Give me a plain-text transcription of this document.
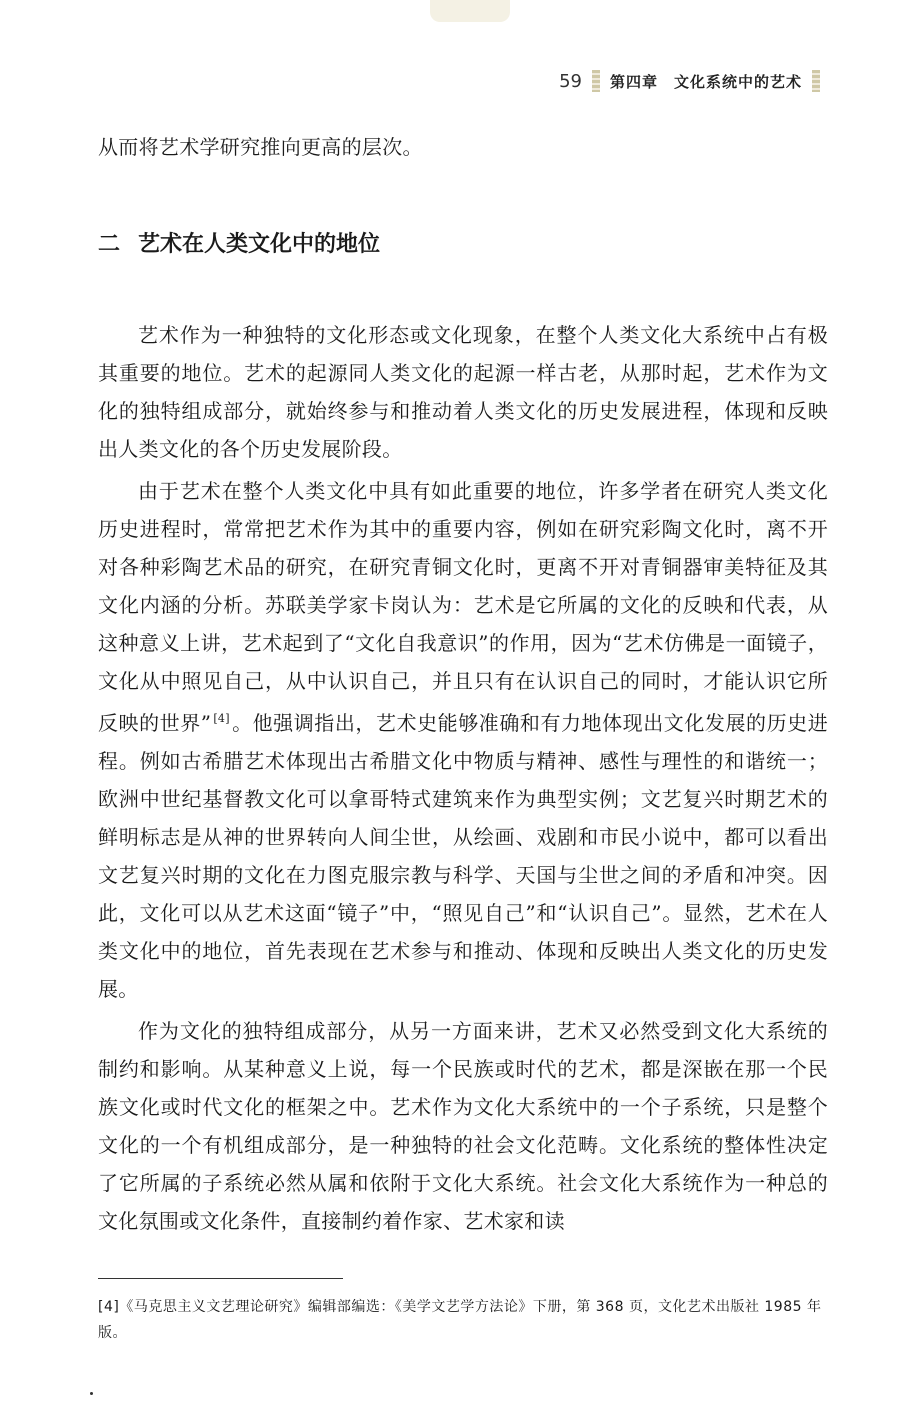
59 第四章　文化系统中的艺术

从而将艺术学研究推向更高的层次。

二 艺术在人类文化中的地位

艺术作为一种独特的文化形态或文化现象，在整个人类文化大系统中占有极其重要的地位。艺术的起源同人类文化的起源一样古老，从那时起，艺术作为文化的独特组成部分，就始终参与和推动着人类文化的历史发展进程，体现和反映出人类文化的各个历史发展阶段。

由于艺术在整个人类文化中具有如此重要的地位，许多学者在研究人类文化历史进程时，常常把艺术作为其中的重要内容，例如在研究彩陶文化时，离不开对各种彩陶艺术品的研究，在研究青铜文化时，更离不开对青铜器审美特征及其文化内涵的分析。苏联美学家卡岗认为：艺术是它所属的文化的反映和代表，从这种意义上讲，艺术起到了“文化自我意识”的作用，因为“艺术仿佛是一面镜子，文化从中照见自己，从中认识自己，并且只有在认识自己的同时，才能认识它所反映的世界” [4] 。他强调指出，艺术史能够准确和有力地体现出文化发展的历史进程。例如古希腊艺术体现出古希腊文化中物质与精神、感性与理性的和谐统一；欧洲中世纪基督教文化可以拿哥特式建筑来作为典型实例；文艺复兴时期艺术的鲜明标志是从神的世界转向人间尘世，从绘画、戏剧和市民小说中，都可以看出文艺复兴时期的文化在力图克服宗教与科学、天国与尘世之间的矛盾和冲突。因此，文化可以从艺术这面“镜子”中，“照见自己”和“认识自己”。显然，艺术在人类文化中的地位，首先表现在艺术参与和推动、体现和反映出人类文化的历史发展。

作为文化的独特组成部分，从另一方面来讲，艺术又必然受到文化大系统的制约和影响。从某种意义上说，每一个民族或时代的艺术，都是深嵌在那一个民族文化或时代文化的框架之中。艺术作为文化大系统中的一个子系统，只是整个文化的一个有机组成部分，是一种独特的社会文化范畴。文化系统的整体性决定了它所属的子系统必然从属和依附于文化大系统。社会文化大系统作为一种总的文化氛围或文化条件，直接制约着作家、艺术家和读

[4]《马克思主义文艺理论研究》编辑部编选：《美学文艺学方法论》下册，第 368 页，文化艺术出版社 1985 年版。
